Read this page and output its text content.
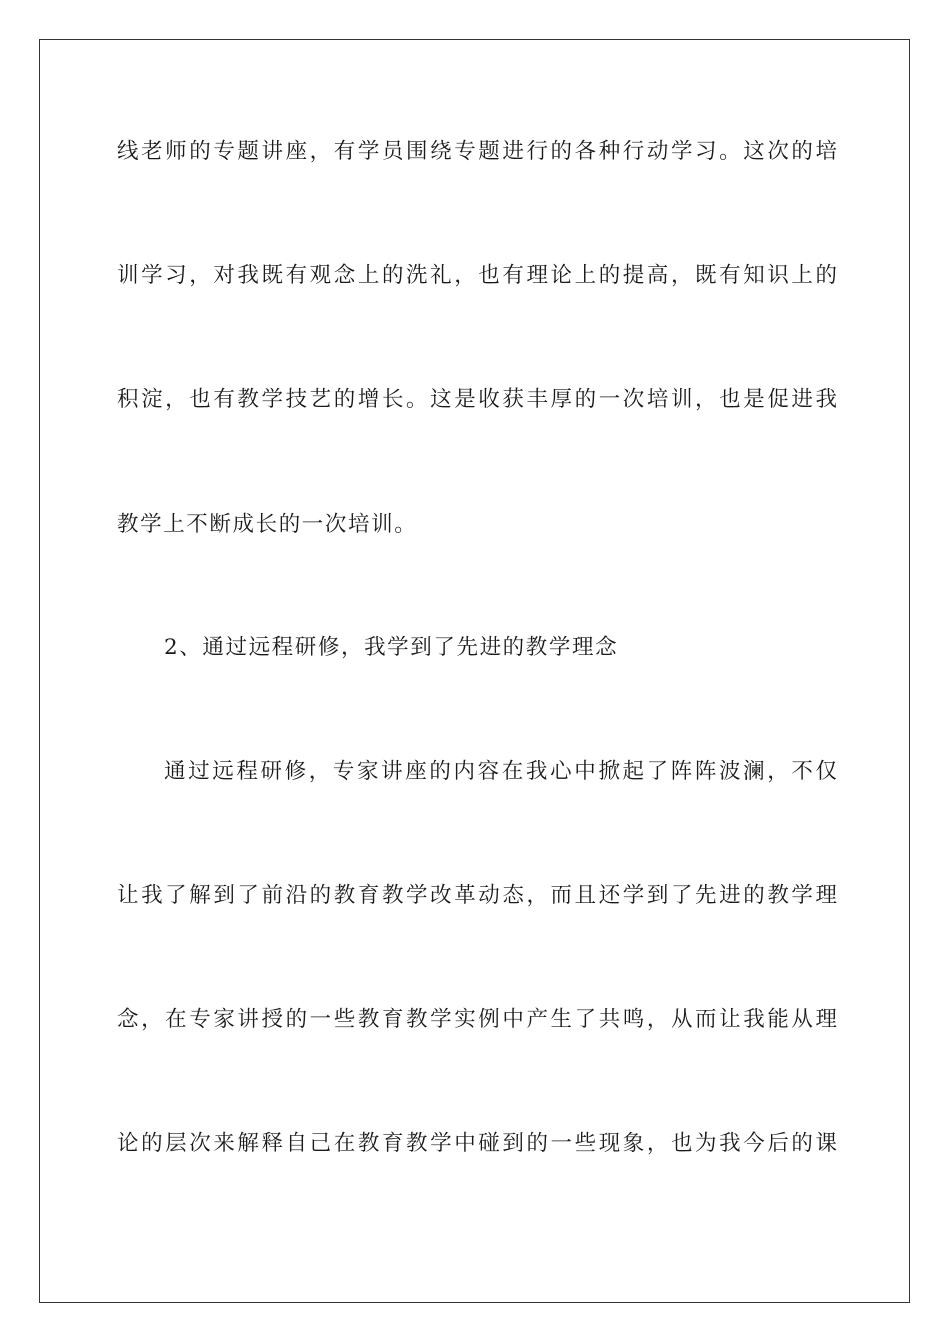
线老师的专题讲座，有学员围绕专题进行的各种行动学习。这次的培
训学习，对我既有观念上的洗礼，也有理论上的提高，既有知识上的
积淀，也有教学技艺的增长。这是收获丰厚的一次培训，也是促进我
教学上不断成长的一次培训。
2、通过远程研修，我学到了先进的教学理念
通过远程研修，专家讲座的内容在我心中掀起了阵阵波澜，不仅
让我了解到了前沿的教育教学改革动态，而且还学到了先进的教学理
念，在专家讲授的一些教育教学实例中产生了共鸣，从而让我能从理
论的层次来解释自己在教育教学中碰到的一些现象，也为我今后的课
